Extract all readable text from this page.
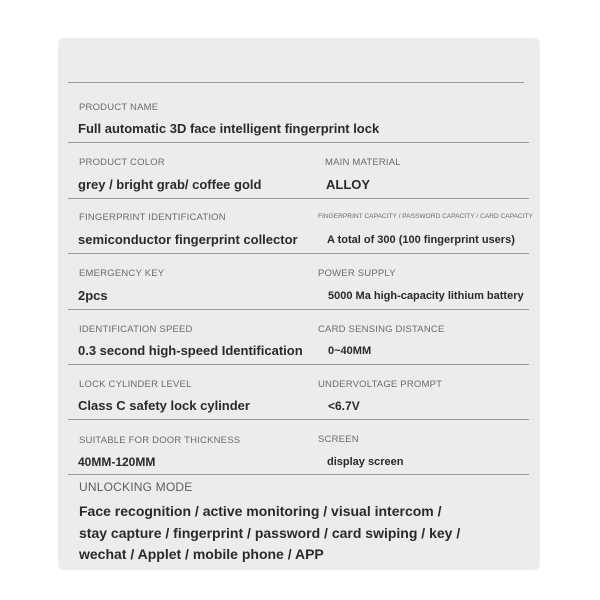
PRODUCT NAME
Full automatic 3D face intelligent fingerprint lock
PRODUCT COLOR
grey / bright grab/ coffee gold
MAIN MATERIAL
ALLOY
FINGERPRINT IDENTIFICATION
semiconductor fingerprint collector
FINGERPRINT CAPACITY / PASSWORD CAPACITY / CARD CAPACITY
A total of 300 (100 fingerprint users)
EMERGENCY KEY
2pcs
POWER SUPPLY
5000 Ma high-capacity lithium battery
IDENTIFICATION SPEED
0.3 second high-speed Identification
CARD SENSING DISTANCE
0~40MM
LOCK CYLINDER LEVEL
Class C safety lock cylinder
UNDERVOLTAGE PROMPT
<6.7V
SUITABLE FOR DOOR THICKNESS
40MM-120MM
SCREEN
display screen
UNLOCKING MODE
Face recognition / active monitoring / visual intercom /
stay capture / fingerprint / password / card swiping / key /
wechat / Applet / mobile phone / APP
